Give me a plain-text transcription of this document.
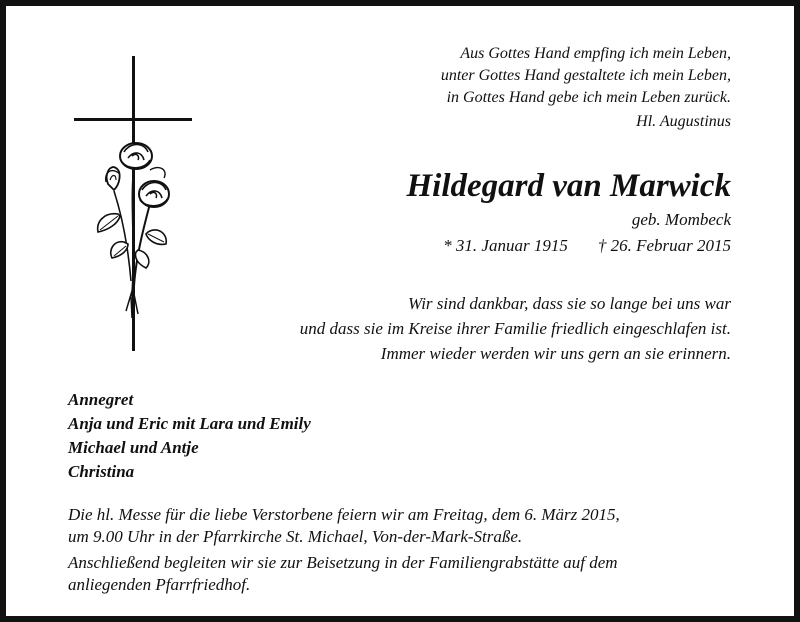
Aus Gottes Hand empfing ich mein Leben,
unter Gottes Hand gestaltete ich mein Leben,
in Gottes Hand gebe ich mein Leben zurück.
Hl. Augustinus
Hildegard van Marwick
geb. Mombeck
* 31. Januar 1915 † 26. Februar 2015
Wir sind dankbar, dass sie so lange bei uns war
und dass sie im Kreise ihrer Familie friedlich eingeschlafen ist.
Immer wieder werden wir uns gern an sie erinnern.
Annegret
Anja und Eric mit Lara und Emily
Michael und Antje
Christina
Die hl. Messe für die liebe Verstorbene feiern wir am Freitag, dem 6. März 2015,
um 9.00 Uhr in der Pfarrkirche St. Michael, Von-der-Mark-Straße.
Anschließend begleiten wir sie zur Beisetzung in der Familiengrabstätte auf dem
anliegenden Pfarrfriedhof.
